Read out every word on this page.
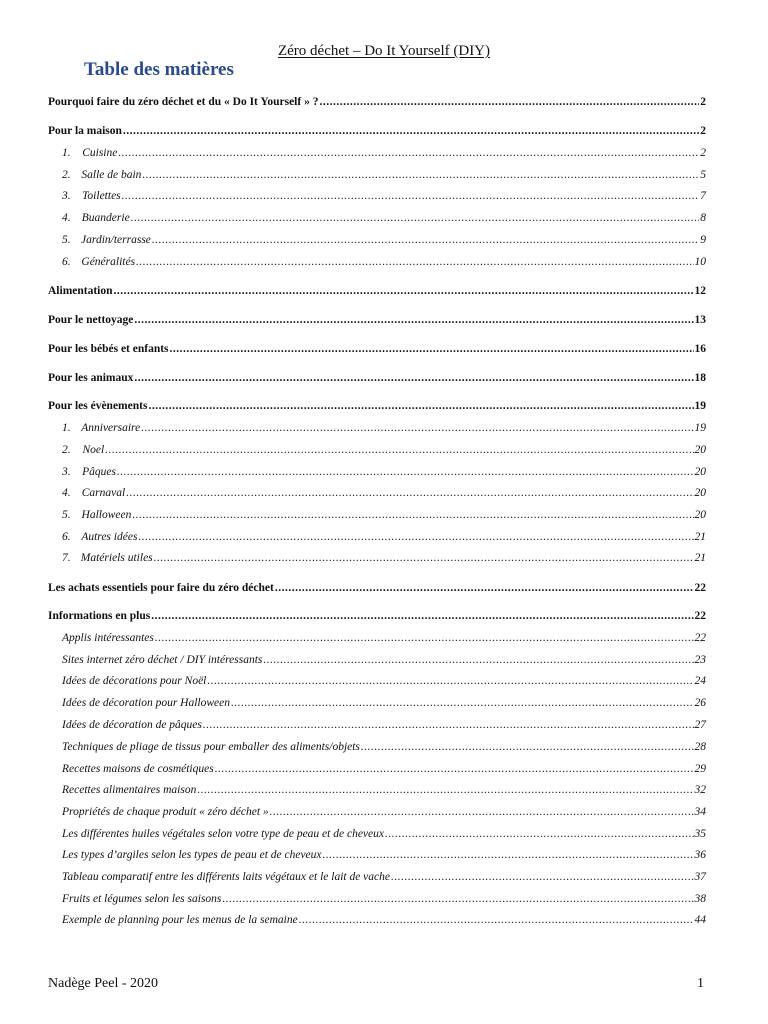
Zéro déchet – Do It Yourself (DIY)
Table des matières
Pourquoi faire du zéro déchet et du « Do It Yourself » ? .....	2
Pour la maison .....	2
1.	Cuisine .....	2
2. Salle de bain .....	5
3. Toilettes .....	7
4. Buanderie .....	8
5. Jardin/terrasse .....	9
6. Généralités .....	10
Alimentation .....	12
Pour le nettoyage .....	13
Pour les bébés et enfants .....	16
Pour les animaux .....	18
Pour les évènements .....	19
1. Anniversaire .....	19
2.	Noel .....	20
3. Pâques .....	20
4. Carnaval .....	20
5. Halloween .....	20
6. Autres idées .....	21
7. Matériels utiles .....	21
Les achats essentiels pour faire du zéro déchet .....	22
Informations en plus .....	22
Applis intéressantes .....	22
Sites internet zéro déchet / DIY intéressants .....	23
Idées de décorations pour Noël .....	24
Idées de décoration pour Halloween .....	26
Idées de décoration de pâques .....	27
Techniques de pliage de tissus pour emballer des aliments/objets .....	28
Recettes maisons de cosmétiques .....	29
Recettes alimentaires maison .....	32
Propriétés de chaque produit « zéro déchet » .....	34
Les différentes huiles végétales selon votre type de peau et de cheveux .....	35
Les types d’argiles selon les types de peau et de cheveux .....	36
Tableau comparatif entre les différents laits végétaux et le lait de vache .....	37
Fruits et légumes selon les saisons .....	38
Exemple de planning pour les menus de la semaine .....	44
Nadège Peel - 2020	1
